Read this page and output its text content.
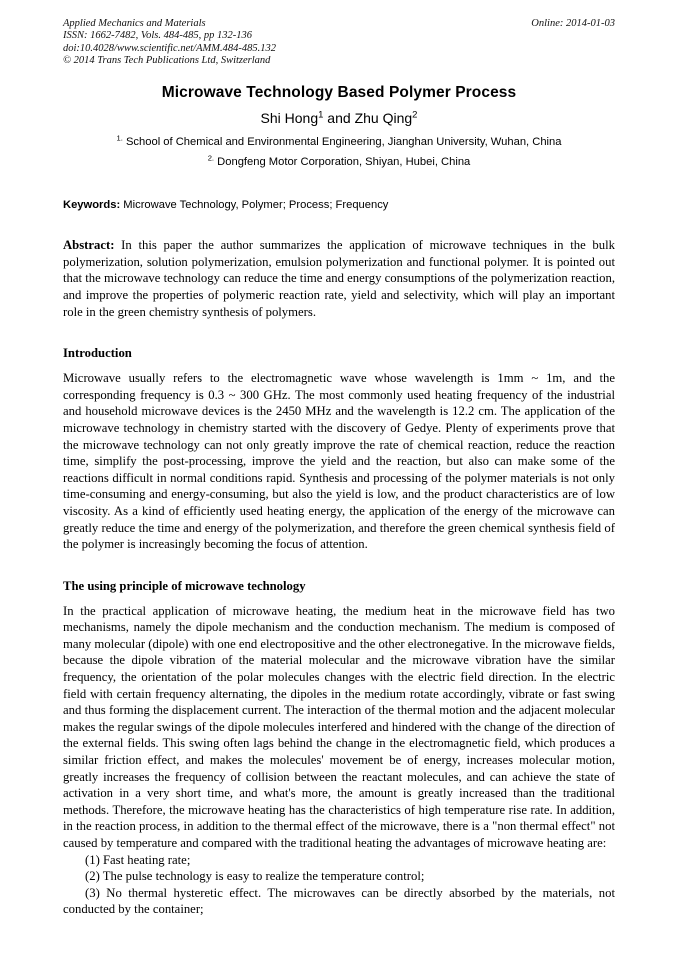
Applied Mechanics and Materials
ISSN: 1662-7482, Vols. 484-485, pp 132-136
doi:10.4028/www.scientific.net/AMM.484-485.132
© 2014 Trans Tech Publications Ltd, Switzerland
Online: 2014-01-03
Microwave Technology Based Polymer Process
Shi Hong$^1$ and Zhu Qing$^2$
$^{1.}$ School of Chemical and Environmental Engineering, Jianghan University, Wuhan, China
$^{2.}$ Dongfeng Motor Corporation, Shiyan, Hubei, China
Keywords: Microwave Technology, Polymer; Process; Frequency
Abstract: In this paper the author summarizes the application of microwave techniques in the bulk polymerization, solution polymerization, emulsion polymerization and functional polymer. It is pointed out that the microwave technology can reduce the time and energy consumptions of the polymerization reaction, and improve the properties of polymeric reaction rate, yield and selectivity, which will play an important role in the green chemistry synthesis of polymers.
Introduction

Microwave usually refers to the electromagnetic wave whose wavelength is 1mm ~ 1m, and the corresponding frequency is 0.3 ~ 300 GHz. The most commonly used heating frequency of the industrial and household microwave devices is the 2450 MHz and the wavelength is 12.2 cm. The application of the microwave technology in chemistry started with the discovery of Gedye. Plenty of experiments prove that the microwave technology can not only greatly improve the rate of chemical reaction, reduce the reaction time, simplify the post-processing, improve the yield and the reaction, but also can make some of the reactions difficult in normal conditions rapid. Synthesis and processing of the polymer materials is not only time-consuming and energy-consuming, but also the yield is low, and the product characteristics are of low viscosity. As a kind of efficiently used heating energy, the application of the energy of the microwave can greatly reduce the time and energy of the polymerization, and therefore the green chemical synthesis field of the polymer is increasingly becoming the focus of attention.

The using principle of microwave technology

In the practical application of microwave heating, the medium heat in the microwave field has two mechanisms, namely the dipole mechanism and the conduction mechanism. The medium is composed of many molecular (dipole) with one end electropositive and the other electronegative. In the microwave fields, because the dipole vibration of the material molecular and the microwave vibration have the similar frequency, the orientation of the polar molecules changes with the electric field direction. In the electric field with certain frequency alternating, the dipoles in the medium rotate accordingly, vibrate or fast swing and thus forming the displacement current. The interaction of the thermal motion and the adjacent molecular makes the regular swings of the dipole molecules interfered and hindered with the change of the direction of the external fields. This swing often lags behind the change in the electromagnetic field, which produces a similar friction effect, and makes the molecules' movement be of energy, increases molecular motion, greatly increases the frequency of collision between the reactant molecules, and can achieve the state of activation in a very short time, and what's more, the amount is greatly increased than the traditional methods. Therefore, the microwave heating has the characteristics of high temperature rise rate. In addition, in the reaction process, in addition to the thermal effect of the microwave, there is a "non thermal effect" not caused by temperature and compared with the traditional heating the advantages of microwave heating are:

(1) Fast heating rate;
(2) The pulse technology is easy to realize the temperature control;
(3) No thermal hysteretic effect. The microwaves can be directly absorbed by the materials, not conducted by the container;
